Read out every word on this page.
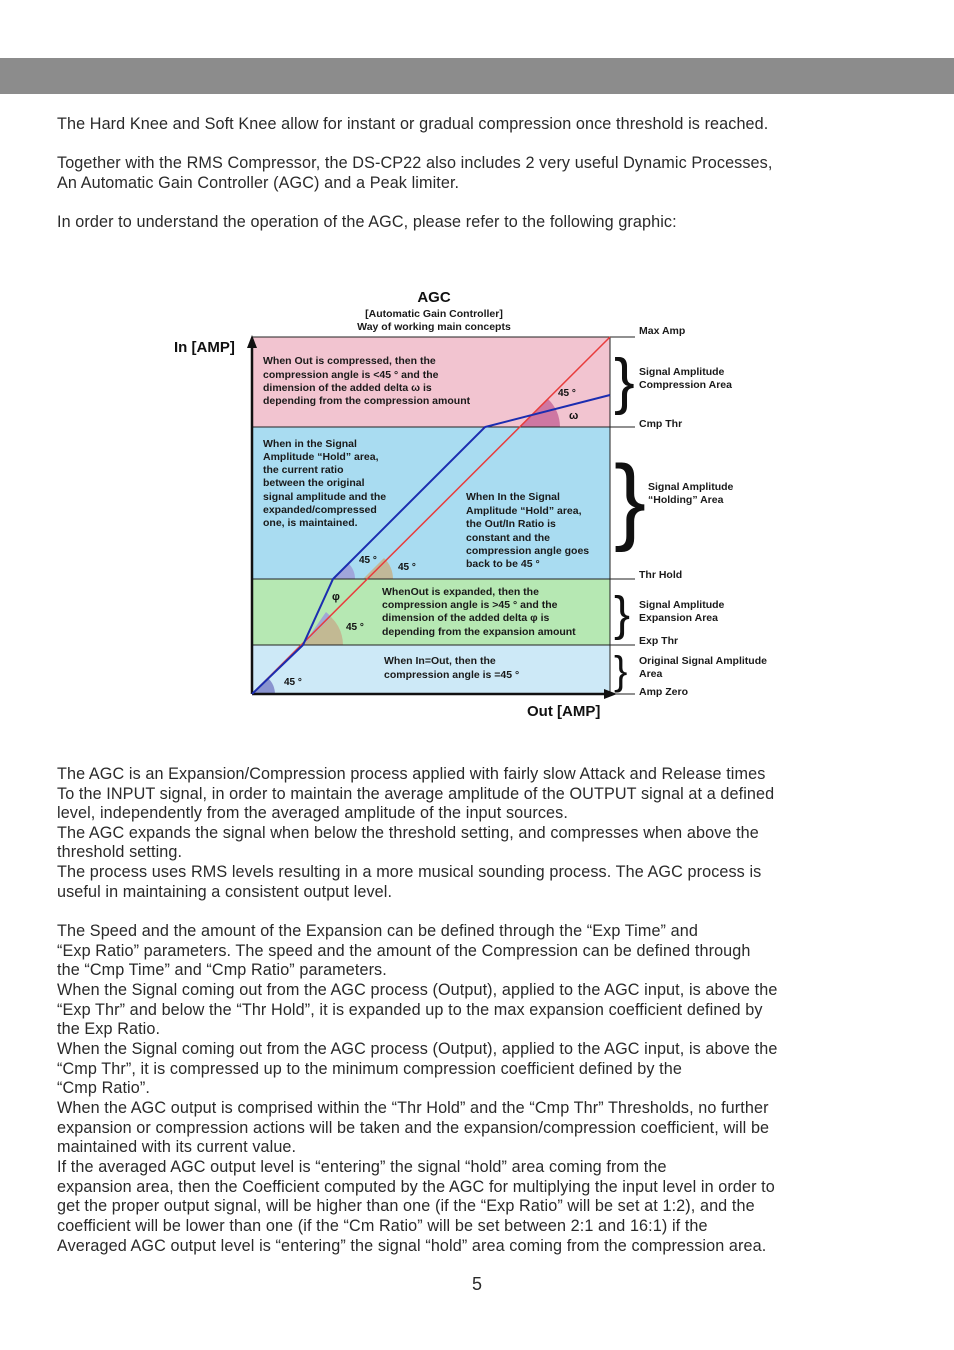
The Hard Knee and Soft Knee allow for instant or gradual compression once threshold is reached.

Together with the RMS Compressor, the DS-CP22 also includes 2 very useful Dynamic Processes,

An Automatic Gain Controller (AGC) and a Peak limiter.

In order to understand the operation of the AGC, please refer to the following graphic:

AGC
[Automatic Gain Controller]
Way of working main concepts
In [AMP]
Out [AMP]
Max Amp
Cmp Thr
Thr Hold
Exp Thr
Amp Zero
}
}
}
}
Signal Amplitude
Compression Area
Signal Amplitude
“Holding” Area
Signal Amplitude
Expansion Area
Original Signal Amplitude
Area
When Out is compressed, then the
compression angle is <45 ° and the
dimension of the added delta ω is
depending from the compression amount
When in the Signal
Amplitude “Hold” area,
the current ratio
between the original
signal amplitude and the
expanded/compressed
one, is maintained.
When In the Signal
Amplitude “Hold” area,
the Out/In Ratio is
constant and the
compression angle goes
back to be 45 °
WhenOut is expanded, then the
compression angle is >45 ° and the
dimension of the added delta φ is
depending from the expansion amount
When In=Out, then the
compression angle is =45 °
45 °
ω
45 °
45 °
φ
45 °
45 °

The AGC is an Expansion/Compression process applied with fairly slow Attack and Release times

To the INPUT signal, in order to maintain the average amplitude of the OUTPUT signal at a defined

level, independently from the averaged amplitude of the input sources.

The AGC expands the signal when below the threshold setting, and compresses when above the

threshold setting.

The process uses RMS levels resulting in a more musical sounding process. The AGC process is

useful in maintaining a consistent output level.

The Speed and the amount of the Expansion can be defined through the “Exp Time” and

“Exp Ratio” parameters. The speed and the amount of the Compression can be defined through

the “Cmp Time” and “Cmp Ratio” parameters.

When the Signal coming out from the AGC process (Output), applied to the AGC input, is above the

“Exp Thr” and below the “Thr Hold”, it is expanded up to the max expansion coefficient defined by

the Exp Ratio.

When the Signal coming out from the AGC process (Output), applied to the AGC input, is above the

“Cmp Thr”, it is compressed up to the minimum compression coefficient defined by the

“Cmp Ratio”.

When the AGC output is comprised within the “Thr Hold” and the “Cmp Thr” Thresholds, no further

expansion or compression actions will be taken and the expansion/compression coefficient, will be

maintained with its current value.

If the averaged AGC output level is “entering” the signal “hold” area coming from the

expansion area, then the Coefficient computed by the AGC for multiplying the input level in order to

get the proper output signal, will be higher than one (if the “Exp Ratio” will be set at 1:2), and the

coefficient will be lower than one (if the “Cm Ratio” will be set between 2:1 and 16:1) if the

Averaged AGC output level is “entering” the signal “hold” area coming from the compression area.

5
